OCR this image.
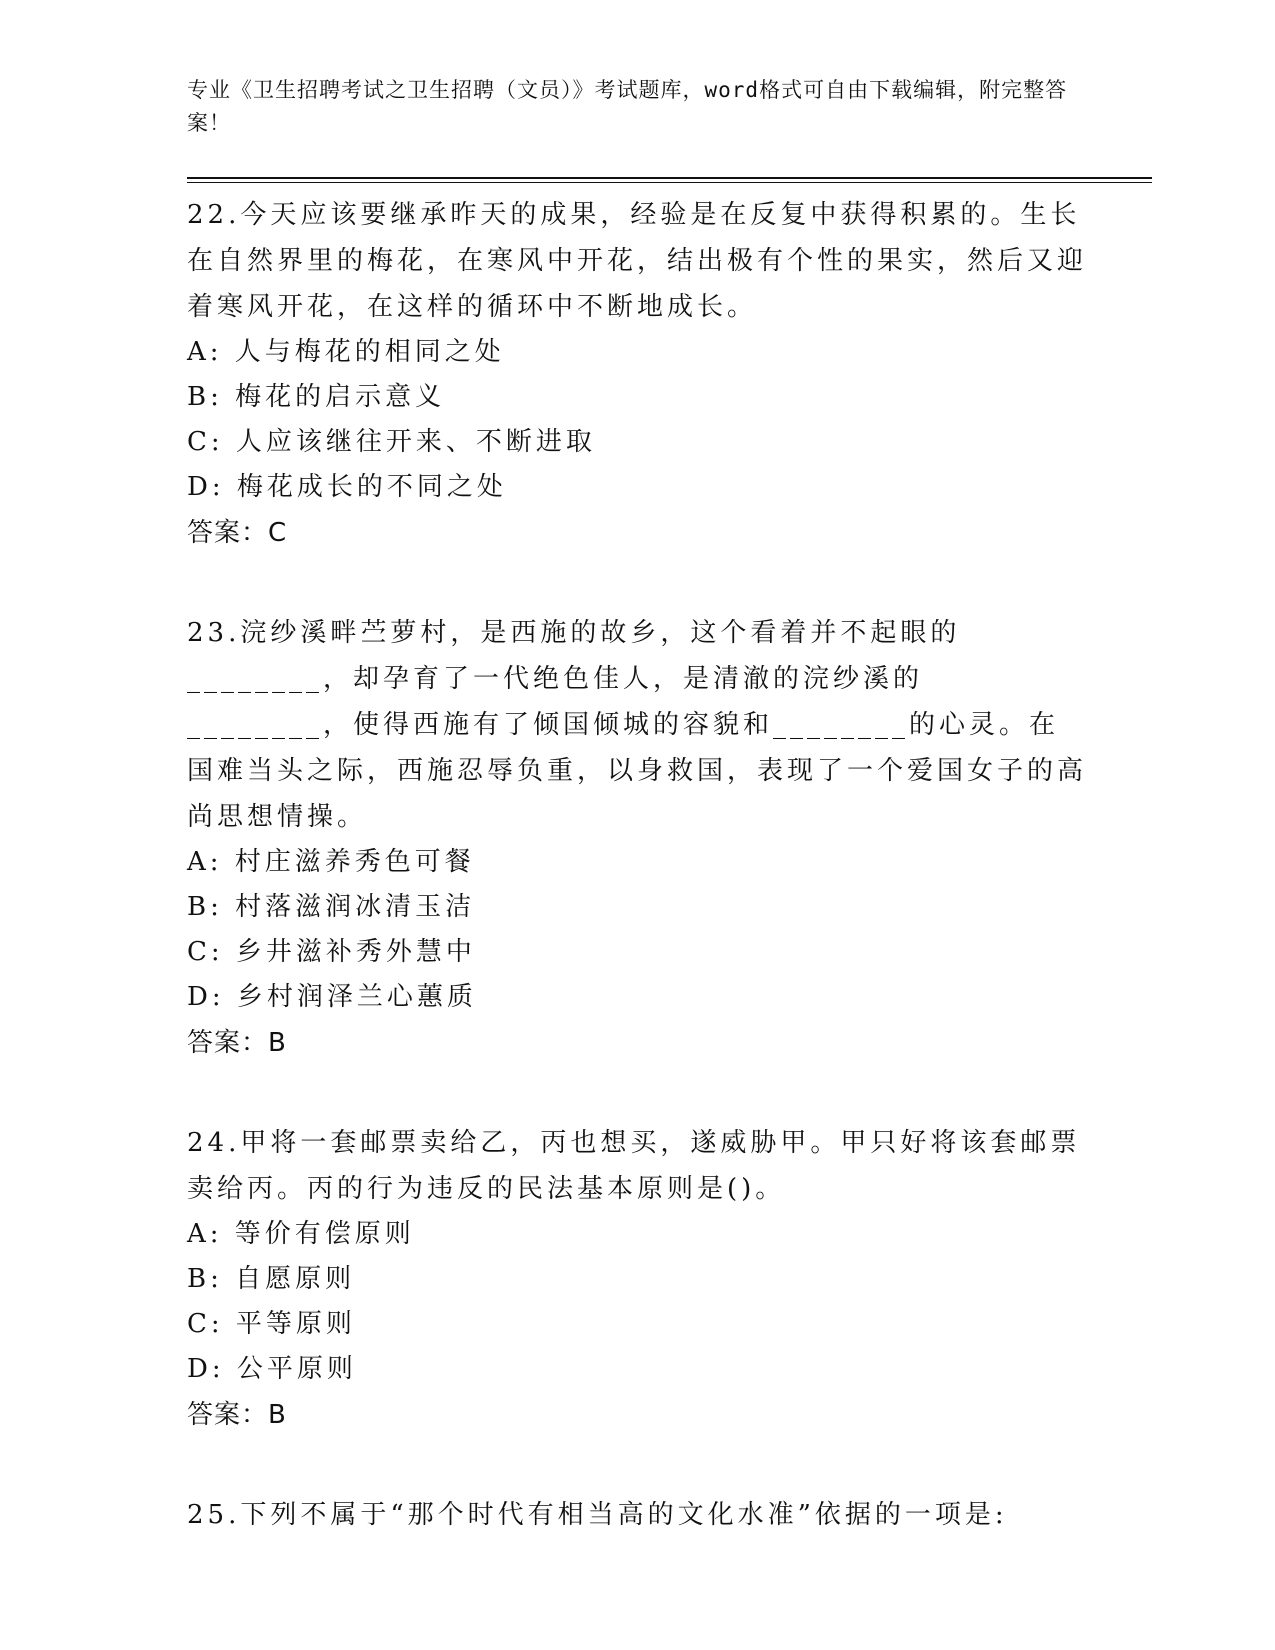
专业《卫生招聘考试之卫生招聘（文员）》考试题库，word格式可自由下载编辑，附完整答案！

22.今天应该要继承昨天的成果，经验是在反复中获得积累的。生长在自然界里的梅花，在寒风中开花，结出极有个性的果实，然后又迎着寒风开花，在这样的循环中不断地成长。

A: 人与梅花的相同之处

B: 梅花的启示意义

C: 人应该继往开来、不断进取

D: 梅花成长的不同之处

答案：C

23.浣纱溪畔苎萝村，是西施的故乡，这个看着并不起眼的________，却孕育了一代绝色佳人，是清澈的浣纱溪的________，使得西施有了倾国倾城的容貌和________的心灵。在国难当头之际，西施忍辱负重，以身救国，表现了一个爱国女子的高尚思想情操。

A: 村庄滋养秀色可餐

B: 村落滋润冰清玉洁

C: 乡井滋补秀外慧中

D: 乡村润泽兰心蕙质

答案：B

24.甲将一套邮票卖给乙，丙也想买，遂威胁甲。甲只好将该套邮票卖给丙。丙的行为违反的民法基本原则是()。

A: 等价有偿原则

B: 自愿原则

C: 平等原则

D: 公平原则

答案：B

25.下列不属于“那个时代有相当高的文化水准”依据的一项是:
